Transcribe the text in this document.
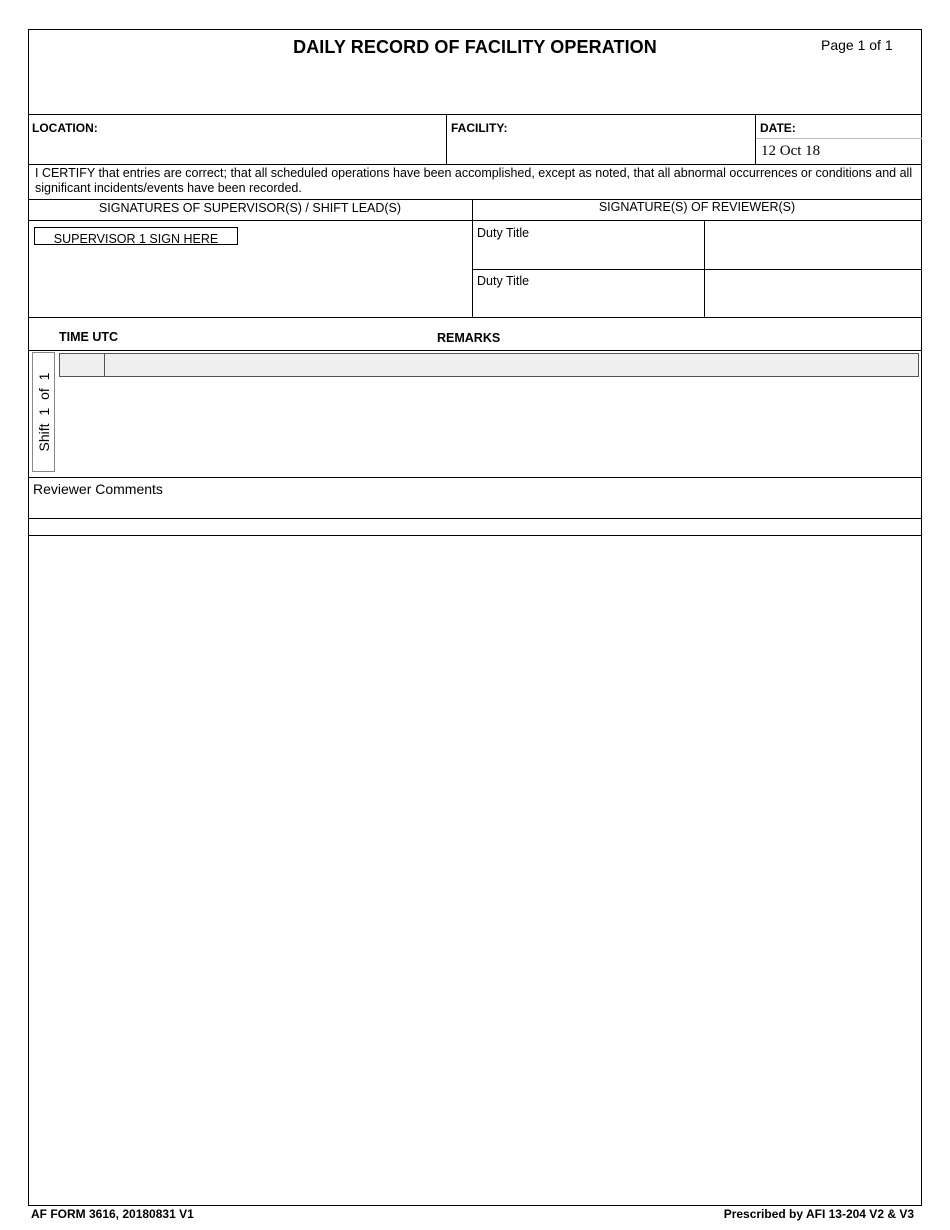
DAILY RECORD OF FACILITY OPERATION	Page 1 of 1
LOCATION:	FACILITY:	DATE:
12 Oct 18
I CERTIFY that entries are correct; that all scheduled operations have been accomplished, except as noted, that all abnormal occurrences or conditions and all significant incidents/events have been recorded.
SIGNATURES OF SUPERVISOR(S) / SHIFT LEAD(S)	SIGNATURE(S) OF REVIEWER(S)
SUPERVISOR 1 SIGN HERE	Duty Title
Duty Title
TIME UTC	REMARKS
Shift 1 of 1
Reviewer Comments
AF FORM 3616, 20180831 V1	Prescribed by AFI 13-204 V2 & V3
